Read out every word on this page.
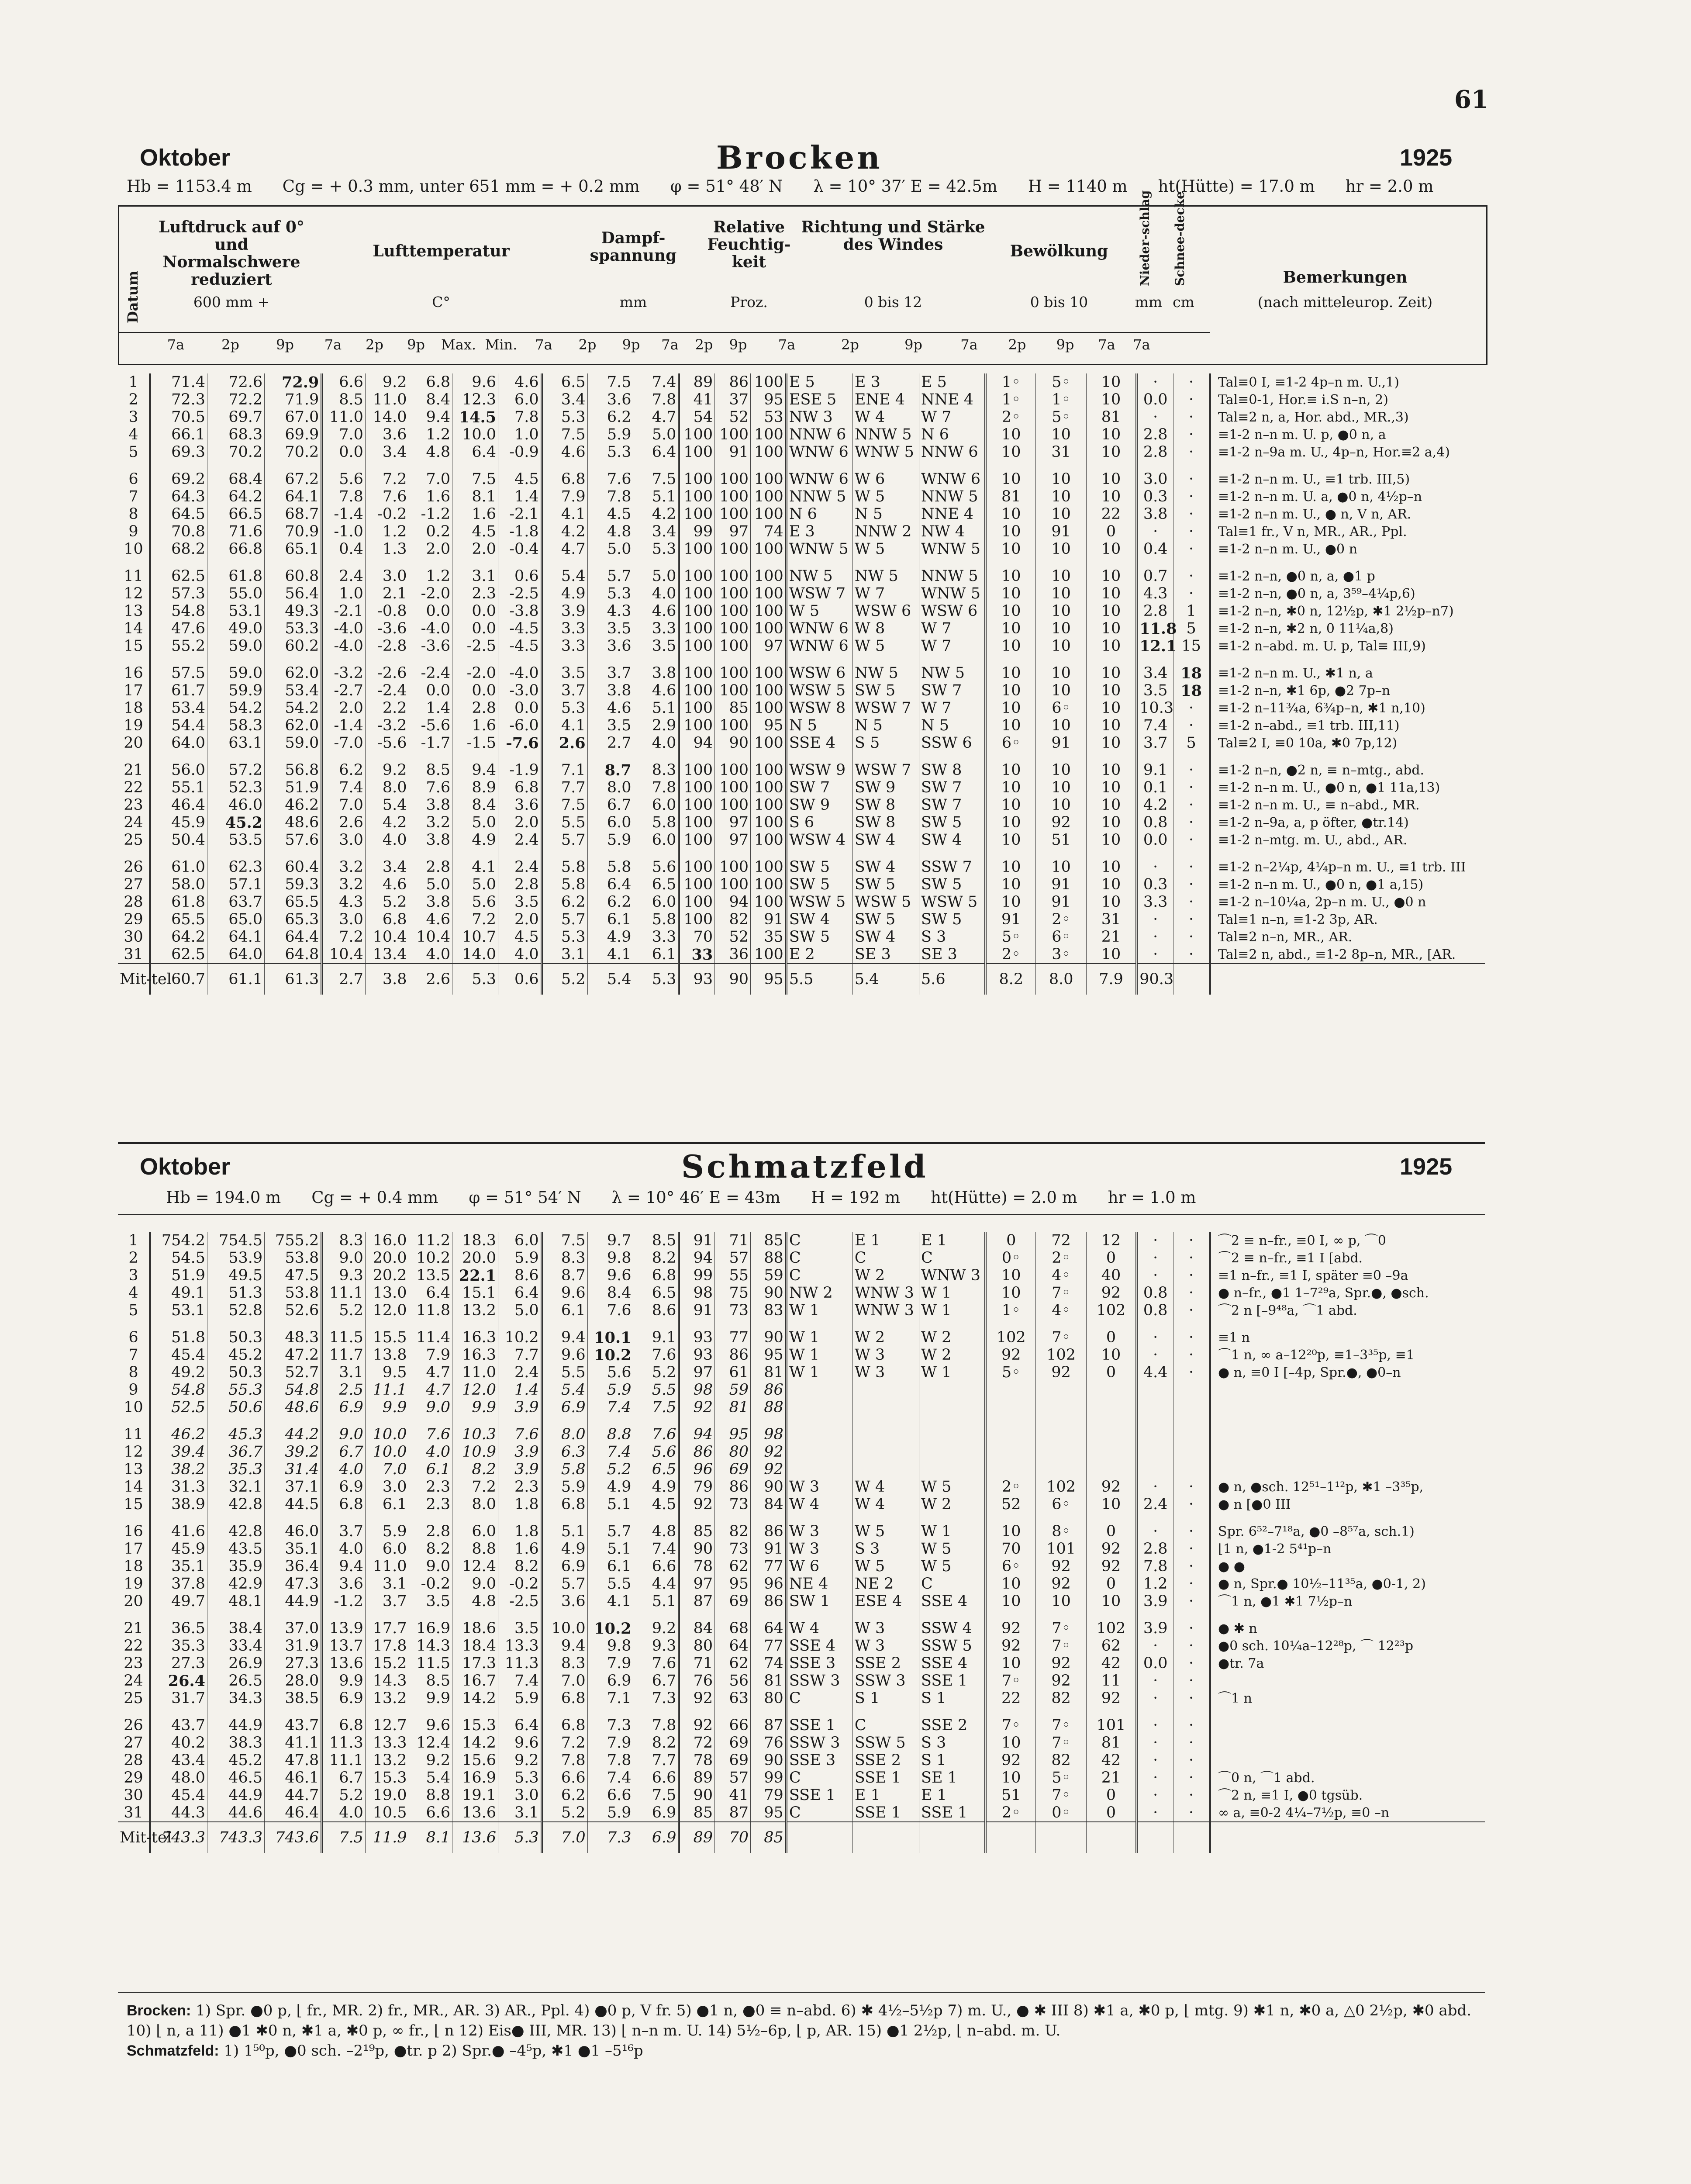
61
Oktober	Brocken	1925
Hb = 1153.4 m Cg = + 0.3 mm, unter 651 mm = + 0.2 mm φ = 51° 48′ N λ = 10° 37′ E = 42.5m H = 1140 m ht(Hütte) = 17.0 m hr = 2.0 m
Datum
Luftdruck auf 0° und Normalschwere reduziert
600 mm +
Lufttemperatur
C°
Dampf-spannung
mm
Relative Feuchtig-keit
Proz.
Richtung und Stärke des Windes
0 bis 12
Bewölkung
0 bis 10
Nieder-schlag
mm
Schnee-decke
cm
Bemerkungen
(nach mitteleurop. Zeit)
7a	2p	9p	7a	2p	9p	Max. Min.	7a	2p	9p	7a	2p	9p	7a	2p	9p	7a	2p	9p	7a	7a
1	71.4	72.6	72.9	6.6	9.2	6.8	9.6	4.6	6.5	7.5	7.4	89	86	100	E 5	E 3	E 5	1◦	5◦	10	·	·	Tal≡0 I, ≡1-2 4p–n m. U.,1)
2	72.3	72.2	71.9	8.5	11.0	8.4	12.3	6.0	3.4	3.6	7.8	41	37	95	ESE 5	ENE 4	NNE 4	1◦	1◦	10	0.0	·	Tal≡0-1, Hor.≡ i.S n–n, 2)
3	70.5	69.7	67.0	11.0	14.0	9.4	14.5	7.8	5.3	6.2	4.7	54	52	53	NW 3	W 4	W 7	2◦	5◦	81	·	·	Tal≡2 n, a, Hor. abd., MR.,3)
4	66.1	68.3	69.9	7.0	3.6	1.2	10.0	1.0	7.5	5.9	5.0	100	100	100	NNW 6	NNW 5	N 6	10	10	10	2.8	·	≡1-2 n–n m. U. p, ●0 n, a
5	69.3	70.2	70.2	0.0	3.4	4.8	6.4	-0.9	4.6	5.3	6.4	100	91	100	WNW 6	WNW 5	NNW 6	10	31	10	2.8	·	≡1-2 n–9a m. U., 4p–n, Hor.≡2 a,4)
6	69.2	68.4	67.2	5.6	7.2	7.0	7.5	4.5	6.8	7.6	7.5	100	100	100	WNW 6	W 6	WNW 6	10	10	10	3.0	·	≡1-2 n–n m. U., ≡1 trb. III,5)
7	64.3	64.2	64.1	7.8	7.6	1.6	8.1	1.4	7.9	7.8	5.1	100	100	100	NNW 5	W 5	NNW 5	81	10	10	0.3	·	≡1-2 n–n m. U. a, ●0 n, 4½p–n
8	64.5	66.5	68.7	-1.4	-0.2	-1.2	1.6	-2.1	4.1	4.5	4.2	100	100	100	N 6	N 5	NNE 4	10	10	22	3.8	·	≡1-2 n–n m. U., ● n, V n, AR.
9	70.8	71.6	70.9	-1.0	1.2	0.2	4.5	-1.8	4.2	4.8	3.4	99	97	74	E 3	NNW 2	NW 4	10	91	0	·	·	Tal≡1 fr., V n, MR., AR., Ppl.
10	68.2	66.8	65.1	0.4	1.3	2.0	2.0	-0.4	4.7	5.0	5.3	100	100	100	WNW 5	W 5	WNW 5	10	10	10	0.4	·	≡1-2 n–n m. U., ●0 n
11	62.5	61.8	60.8	2.4	3.0	1.2	3.1	0.6	5.4	5.7	5.0	100	100	100	NW 5	NW 5	NNW 5	10	10	10	0.7	·	≡1-2 n–n, ●0 n, a, ●1 p
12	57.3	55.0	56.4	1.0	2.1	-2.0	2.3	-2.5	4.9	5.3	4.0	100	100	100	WSW 7	W 7	WNW 5	10	10	10	4.3	·	≡1-2 n–n, ●0 n, a, 3⁵⁹–4¼p,6)
13	54.8	53.1	49.3	-2.1	-0.8	0.0	0.0	-3.8	3.9	4.3	4.6	100	100	100	W 5	WSW 6	WSW 6	10	10	10	2.8	1	≡1-2 n–n, ✱0 n, 12½p, ✱1 2½p–n7)
14	47.6	49.0	53.3	-4.0	-3.6	-4.0	0.0	-4.5	3.3	3.5	3.3	100	100	100	WNW 6	W 8	W 7	10	10	10	11.8	5	≡1-2 n–n, ✱2 n, 0 11¼a,8)
15	55.2	59.0	60.2	-4.0	-2.8	-3.6	-2.5	-4.5	3.3	3.6	3.5	100	100	97	WNW 6	W 5	W 7	10	10	10	12.1	15	≡1-2 n–abd. m. U. p, Tal≡ III,9)
16	57.5	59.0	62.0	-3.2	-2.6	-2.4	-2.0	-4.0	3.5	3.7	3.8	100	100	100	WSW 6	NW 5	NW 5	10	10	10	3.4	18	≡1-2 n–n m. U., ✱1 n, a
17	61.7	59.9	53.4	-2.7	-2.4	0.0	0.0	-3.0	3.7	3.8	4.6	100	100	100	WSW 5	SW 5	SW 7	10	10	10	3.5	18	≡1-2 n–n, ✱1 6p, ●2 7p–n
18	53.4	54.2	54.2	2.0	2.2	1.4	2.8	0.0	5.3	4.6	5.1	100	85	100	WSW 8	WSW 7	W 7	10	6◦	10	10.3	·	≡1-2 n–11¾a, 6¾p–n, ✱1 n,10)
19	54.4	58.3	62.0	-1.4	-3.2	-5.6	1.6	-6.0	4.1	3.5	2.9	100	100	95	N 5	N 5	N 5	10	10	10	7.4	·	≡1-2 n–abd., ≡1 trb. III,11)
20	64.0	63.1	59.0	-7.0	-5.6	-1.7	-1.5	-7.6	2.6	2.7	4.0	94	90	100	SSE 4	S 5	SSW 6	6◦	91	10	3.7	5	Tal≡2 I, ≡0 10a, ✱0 7p,12)
21	56.0	57.2	56.8	6.2	9.2	8.5	9.4	-1.9	7.1	8.7	8.3	100	100	100	WSW 9	WSW 7	SW 8	10	10	10	9.1	·	≡1-2 n–n, ●2 n, ≡ n–mtg., abd.
22	55.1	52.3	51.9	7.4	8.0	7.6	8.9	6.8	7.7	8.0	7.8	100	100	100	SW 7	SW 9	SW 7	10	10	10	0.1	·	≡1-2 n–n m. U., ●0 n, ●1 11a,13)
23	46.4	46.0	46.2	7.0	5.4	3.8	8.4	3.6	7.5	6.7	6.0	100	100	100	SW 9	SW 8	SW 7	10	10	10	4.2	·	≡1-2 n–n m. U., ≡ n–abd., MR.
24	45.9	45.2	48.6	2.6	4.2	3.2	5.0	2.0	5.5	6.0	5.8	100	97	100	S 6	SW 8	SW 5	10	92	10	0.8	·	≡1-2 n–9a, a, p öfter, ●tr.14)
25	50.4	53.5	57.6	3.0	4.0	3.8	4.9	2.4	5.7	5.9	6.0	100	97	100	WSW 4	SW 4	SW 4	10	51	10	0.0	·	≡1-2 n–mtg. m. U., abd., AR.
26	61.0	62.3	60.4	3.2	3.4	2.8	4.1	2.4	5.8	5.8	5.6	100	100	100	SW 5	SW 4	SSW 7	10	10	10	·	·	≡1-2 n–2¼p, 4¼p–n m. U., ≡1 trb. III
27	58.0	57.1	59.3	3.2	4.6	5.0	5.0	2.8	5.8	6.4	6.5	100	100	100	SW 5	SW 5	SW 5	10	91	10	0.3	·	≡1-2 n–n m. U., ●0 n, ●1 a,15)
28	61.8	63.7	65.5	4.3	5.2	3.8	5.6	3.5	6.2	6.2	6.0	100	94	100	WSW 5	WSW 5	WSW 5	10	91	10	3.3	·	≡1-2 n–10¼a, 2p–n m. U., ●0 n
29	65.5	65.0	65.3	3.0	6.8	4.6	7.2	2.0	5.7	6.1	5.8	100	82	91	SW 4	SW 5	SW 5	91	2◦	31	·	·	Tal≡1 n–n, ≡1-2 3p, AR.
30	64.2	64.1	64.4	7.2	10.4	10.4	10.7	4.5	5.3	4.9	3.3	70	52	35	SW 5	SW 4	S 3	5◦	6◦	21	·	·	Tal≡2 n–n, MR., AR.
31	62.5	64.0	64.8	10.4	13.4	4.0	14.0	4.0	3.1	4.1	6.1	33	36	100	E 2	SE 3	SE 3	2◦	3◦	10	·	·	Tal≡2 n, abd., ≡1-2 8p–n, MR., [AR.
Mit-tel	60.7	61.1	61.3	2.7	3.8	2.6	5.3	0.6	5.2	5.4	5.3	93	90	95	5.5	5.4	5.6	8.2	8.0	7.9	90.3		
Oktober	Schmatzfeld	1925
Hb = 194.0 m Cg = + 0.4 mm φ = 51° 54′ N λ = 10° 46′ E = 43m H = 192 m ht(Hütte) = 2.0 m hr = 1.0 m
1	754.2	754.5	755.2	8.3	16.0	11.2	18.3	6.0	7.5	9.7	8.5	91	71	85	C	E 1	E 1	0	72	12	·	·	⌒2 ≡ n–fr., ≡0 I, ∞ p, ⌒0
2	54.5	53.9	53.8	9.0	20.0	10.2	20.0	5.9	8.3	9.8	8.2	94	57	88	C	C	C	0◦	2◦	0	·	·	⌒2 ≡ n–fr., ≡1 I [abd.
3	51.9	49.5	47.5	9.3	20.2	13.5	22.1	8.6	8.7	9.6	6.8	99	55	59	C	W 2	WNW 3	10	4◦	40	·	·	≡1 n–fr., ≡1 I, später ≡0 –9a
4	49.1	51.3	53.8	11.1	13.0	6.4	15.1	6.4	9.6	8.4	6.5	98	75	90	NW 2	WNW 3	W 1	10	7◦	92	0.8	·	● n–fr., ●1 1–7²⁹a, Spr.●, ●sch.
5	53.1	52.8	52.6	5.2	12.0	11.8	13.2	5.0	6.1	7.6	8.6	91	73	83	W 1	WNW 3	W 1	1◦	4◦	102	0.8	·	⌒2 n [–9⁴⁸a, ⌒1 abd.
6	51.8	50.3	48.3	11.5	15.5	11.4	16.3	10.2	9.4	10.1	9.1	93	77	90	W 1	W 2	W 2	102	7◦	0	·	·	≡1 n
7	45.4	45.2	47.2	11.7	13.8	7.9	16.3	7.7	9.6	10.2	7.6	93	86	95	W 1	W 3	W 2	92	102	10	·	·	⌒1 n, ∞ a–12²⁰p, ≡1–3³⁵p, ≡1
8	49.2	50.3	52.7	3.1	9.5	4.7	11.0	2.4	5.5	5.6	5.2	97	61	81	W 1	W 3	W 1	5◦	92	0	4.4	·	● n, ≡0 I [–4p, Spr.●, ●0–n
9	54.8	55.3	54.8	2.5	11.1	4.7	12.0	1.4	5.4	5.9	5.5	98	59	86									
10	52.5	50.6	48.6	6.9	9.9	9.0	9.9	3.9	6.9	7.4	7.5	92	81	88									
11	46.2	45.3	44.2	9.0	10.0	7.6	10.3	7.6	8.0	8.8	7.6	94	95	98									
12	39.4	36.7	39.2	6.7	10.0	4.0	10.9	3.9	6.3	7.4	5.6	86	80	92									
13	38.2	35.3	31.4	4.0	7.0	6.1	8.2	3.9	5.8	5.2	6.5	96	69	92									
14	31.3	32.1	37.1	6.9	3.0	2.3	7.2	2.3	5.9	4.9	4.9	79	86	90	W 3	W 4	W 5	2◦	102	92	·	·	● n, ●sch. 12⁵¹–1¹²p, ✱1 –3³⁵p,
15	38.9	42.8	44.5	6.8	6.1	2.3	8.0	1.8	6.8	5.1	4.5	92	73	84	W 4	W 4	W 2	52	6◦	10	2.4	·	● n [●0 III
16	41.6	42.8	46.0	3.7	5.9	2.8	6.0	1.8	5.1	5.7	4.8	85	82	86	W 3	W 5	W 1	10	8◦	0	·	·	Spr. 6⁵²–7¹⁸a, ●0 –8⁵⁷a, sch.1)
17	45.9	43.5	35.1	4.0	6.0	8.2	8.8	1.6	4.9	5.1	7.4	90	73	91	W 3	S 3	W 5	70	101	92	2.8	·	⌊1 n, ●1-2 5⁴¹p–n
18	35.1	35.9	36.4	9.4	11.0	9.0	12.4	8.2	6.9	6.1	6.6	78	62	77	W 6	W 5	W 5	6◦	92	92	7.8	·	● ●
19	37.8	42.9	47.3	3.6	3.1	-0.2	9.0	-0.2	5.7	5.5	4.4	97	95	96	NE 4	NE 2	C	10	92	0	1.2	·	● n, Spr.● 10½–11³⁵a, ●0-1, 2)
20	49.7	48.1	44.9	-1.2	3.7	3.5	4.8	-2.5	3.6	4.1	5.1	87	69	86	SW 1	ESE 4	SSE 4	10	10	10	3.9	·	⌒1 n, ●1 ✱1 7½p–n
21	36.5	38.4	37.0	13.9	17.7	16.9	18.6	3.5	10.0	10.2	9.2	84	68	64	W 4	W 3	SSW 4	92	7◦	102	3.9	·	● ✱ n
22	35.3	33.4	31.9	13.7	17.8	14.3	18.4	13.3	9.4	9.8	9.3	80	64	77	SSE 4	W 3	SSW 5	92	7◦	62	·	·	●0 sch. 10¼a–12²⁸p, ⌒ 12²³p
23	27.3	26.9	27.3	13.6	15.2	11.5	17.3	11.3	8.3	7.9	7.6	71	62	74	SSE 3	SSE 2	SSE 4	10	92	42	0.0	·	●tr. 7a
24	26.4	26.5	28.0	9.9	14.3	8.5	16.7	7.4	7.0	6.9	6.7	76	56	81	SSW 3	SSW 3	SSE 1	7◦	92	11	·	·	
25	31.7	34.3	38.5	6.9	13.2	9.9	14.2	5.9	6.8	7.1	7.3	92	63	80	C	S 1	S 1	22	82	92	·	·	⌒1 n
26	43.7	44.9	43.7	6.8	12.7	9.6	15.3	6.4	6.8	7.3	7.8	92	66	87	SSE 1	C	SSE 2	7◦	7◦	101	·	·	
27	40.2	38.3	41.1	11.3	13.3	12.4	14.2	9.6	7.2	7.9	8.2	72	69	76	SSW 3	SSW 5	S 3	10	7◦	81	·	·	
28	43.4	45.2	47.8	11.1	13.2	9.2	15.6	9.2	7.8	7.8	7.7	78	69	90	SSE 3	SSE 2	S 1	92	82	42	·	·	
29	48.0	46.5	46.1	6.7	15.3	5.4	16.9	5.3	6.6	7.4	6.6	89	57	99	C	SSE 1	SE 1	10	5◦	21	·	·	⌒0 n, ⌒1 abd.
30	45.4	44.9	44.7	5.2	19.0	8.8	19.1	3.0	6.2	6.6	7.5	90	41	79	SSE 1	E 1	E 1	51	7◦	0	·	·	⌒2 n, ≡1 I, ●0 tgsüb.
31	44.3	44.6	46.4	4.0	10.5	6.6	13.6	3.1	5.2	5.9	6.9	85	87	95	C	SSE 1	SSE 1	2◦	0◦	0	·	·	∞ a, ≡0-2 4¼–7½p, ≡0 –n
Mit-tel	743.3	743.3	743.6	7.5	11.9	8.1	13.6	5.3	7.0	7.3	6.9	89	70	85									
Brocken: 1) Spr. ●0 p, ⌊ fr., MR. 2) fr., MR., AR. 3) AR., Ppl. 4) ●0 p, V fr. 5) ●1 n, ●0 ≡ n–abd. 6) ✱ 4½–5½p 7) m. U., ● ✱ III 8) ✱1 a, ✱0 p, ⌊ mtg. 9) ✱1 n, ✱0 a, △0 2½p, ✱0 abd. 10) ⌊ n, a 11) ●1 ✱0 n, ✱1 a, ✱0 p, ∞ fr., ⌊ n 12) Eis● III, MR. 13) ⌊ n–n m. U. 14) 5½–6p, ⌊ p, AR. 15) ●1 2½p, ⌊ n–abd. m. U.
Schmatzfeld: 1) 1⁵⁰p, ●0 sch. –2¹⁹p, ●tr. p 2) Spr.● –4⁵p, ✱1 ●1 –5¹⁶p
